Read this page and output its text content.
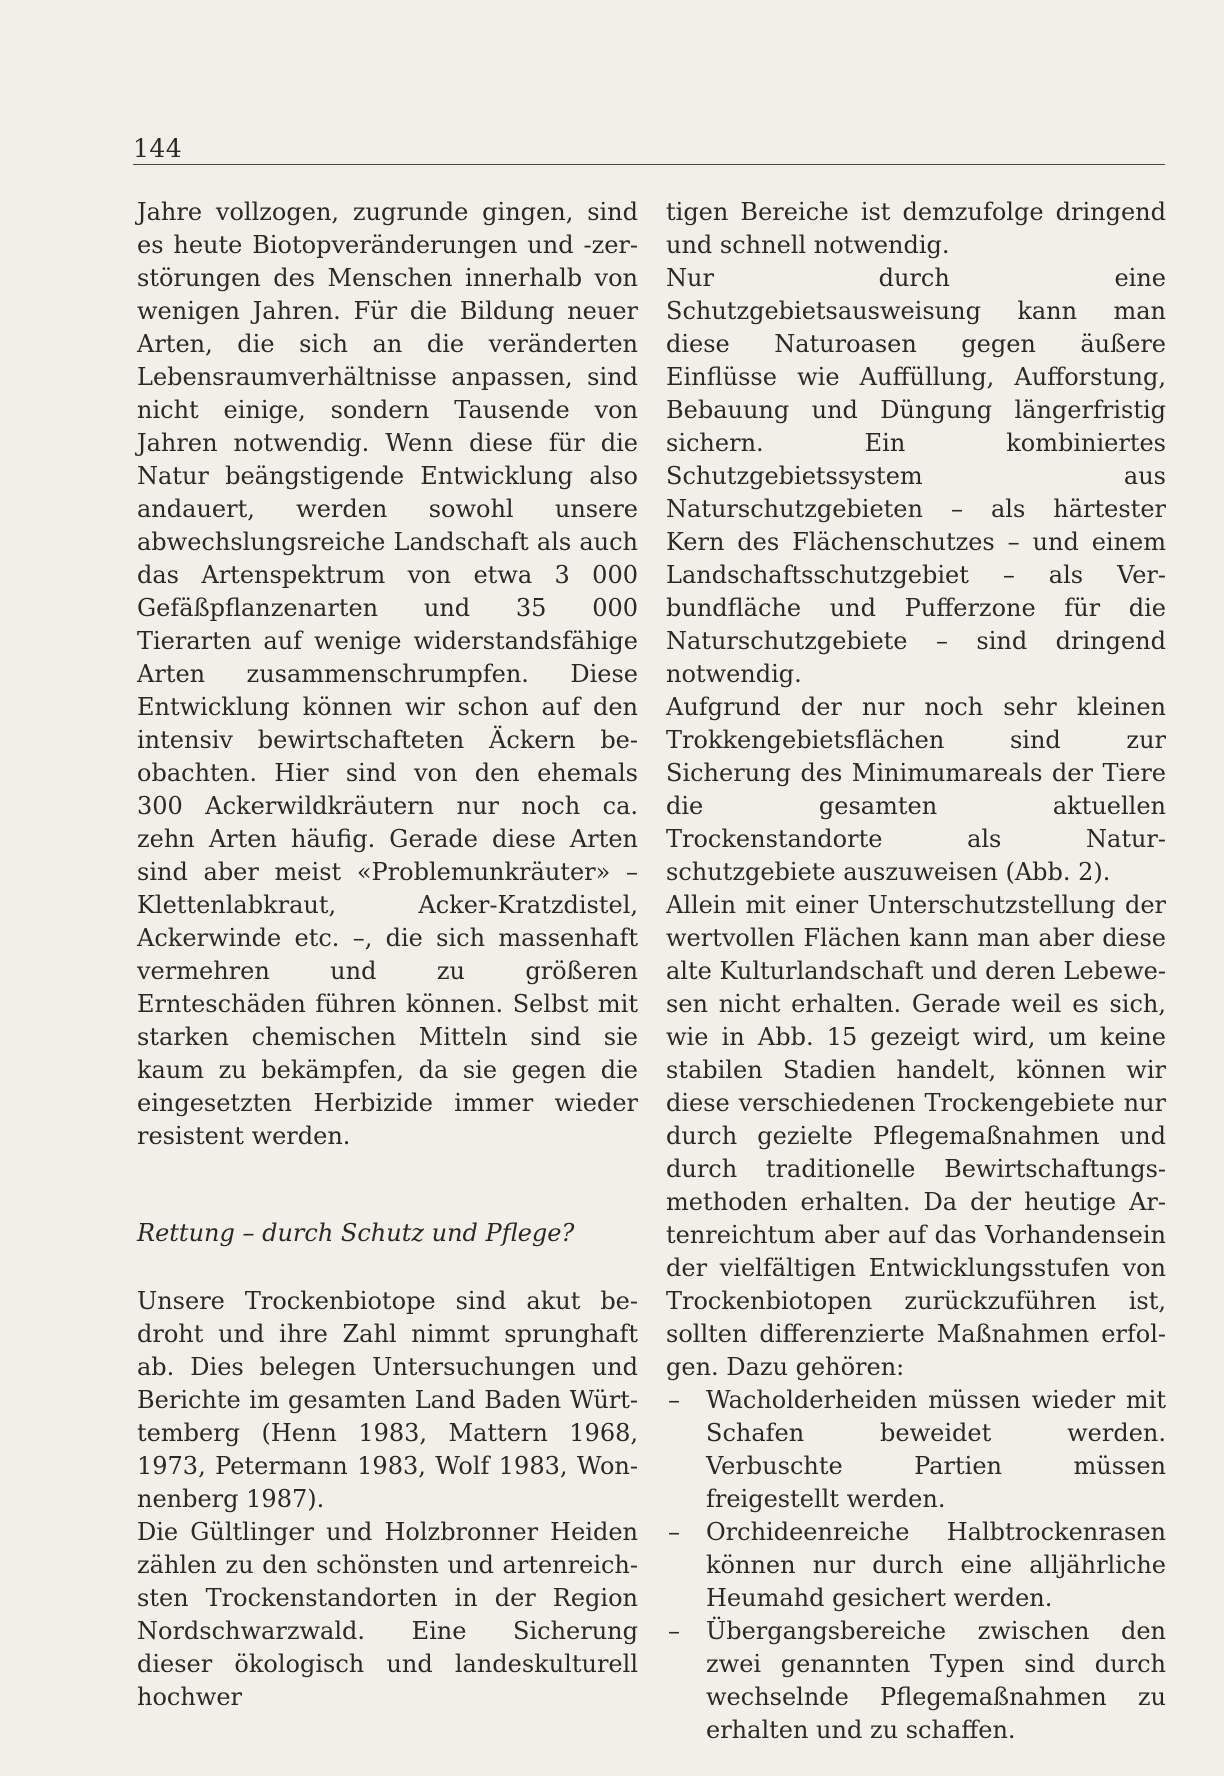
144

Jahre vollzogen, zugrunde gingen, sind es heute Biotopveränderungen und -zerstörungen des Menschen innerhalb von wenigen Jahren. Für die Bildung neuer Arten, die sich an die veränderten Lebensraumverhältnisse anpassen, sind nicht einige, sondern Tausende von Jahren notwendig. Wenn diese für die Natur beängstigende Entwicklung also andauert, werden sowohl unsere abwechslungsreiche Landschaft als auch das Artenspektrum von etwa 3 000 Gefäßpflanzenarten und 35 000 Tierarten auf wenige widerstandsfähige Arten zusammenschrumpfen. Diese Entwicklung können wir schon auf den intensiv bewirtschafteten Äckern beobachten. Hier sind von den ehemals 300 Ackerwildkräutern nur noch ca. zehn Arten häufig. Gerade diese Arten sind aber meist «Problemunkräuter» – Klettenlabkraut, Acker-Kratzdistel, Ackerwinde etc. –, die sich massenhaft vermehren und zu größeren Ernteschäden führen können. Selbst mit starken chemischen Mitteln sind sie kaum zu bekämpfen, da sie gegen die eingesetzten Herbizide immer wieder resistent werden.

Rettung – durch Schutz und Pflege?

Unsere Trockenbiotope sind akut bedroht und ihre Zahl nimmt sprunghaft ab. Dies belegen Untersuchungen und Berichte im gesamten Land Baden Württemberg (Henn 1983, Mattern 1968, 1973, Petermann 1983, Wolf 1983, Wonnenberg 1987).

Die Gültlinger und Holzbronner Heiden zählen zu den schönsten und artenreichsten Trockenstandorten in der Region Nordschwarzwald. Eine Sicherung dieser ökologisch und landeskulturell hochwer

tigen Bereiche ist demzufolge dringend und schnell notwendig.

Nur durch eine Schutzgebietsausweisung kann man diese Naturoasen gegen äußere Einflüsse wie Auffüllung, Aufforstung, Bebauung und Düngung längerfristig sichern. Ein kombiniertes Schutzgebietssystem aus Naturschutzgebieten – als härtester Kern des Flächenschutzes – und einem Landschaftsschutzgebiet – als Verbundfläche und Pufferzone für die Naturschutzgebiete – sind dringend notwendig.

Aufgrund der nur noch sehr kleinen Trokkengebietsflächen sind zur Sicherung des Minimumareals der Tiere die gesamten aktuellen Trockenstandorte als Naturschutzgebiete auszuweisen (Abb. 2).

Allein mit einer Unterschutzstellung der wertvollen Flächen kann man aber diese alte Kulturlandschaft und deren Lebewesen nicht erhalten. Gerade weil es sich, wie in Abb. 15 gezeigt wird, um keine stabilen Stadien handelt, können wir diese verschiedenen Trockengebiete nur durch gezielte Pflegemaßnahmen und durch traditionelle Bewirtschaftungsmethoden erhalten. Da der heutige Artenreichtum aber auf das Vorhandensein der vielfältigen Entwicklungsstufen von Trockenbiotopen zurückzuführen ist, sollten differenzierte Maßnahmen erfolgen. Dazu gehören:

– Wacholderheiden müssen wieder mit Schafen beweidet werden. Verbuschte Partien müssen freigestellt werden.
– Orchideenreiche Halbtrockenrasen können nur durch eine alljährliche Heumahd gesichert werden.
– Übergangsbereiche zwischen den zwei genannten Typen sind durch wechselnde Pflegemaßnahmen zu erhalten und zu schaffen.
